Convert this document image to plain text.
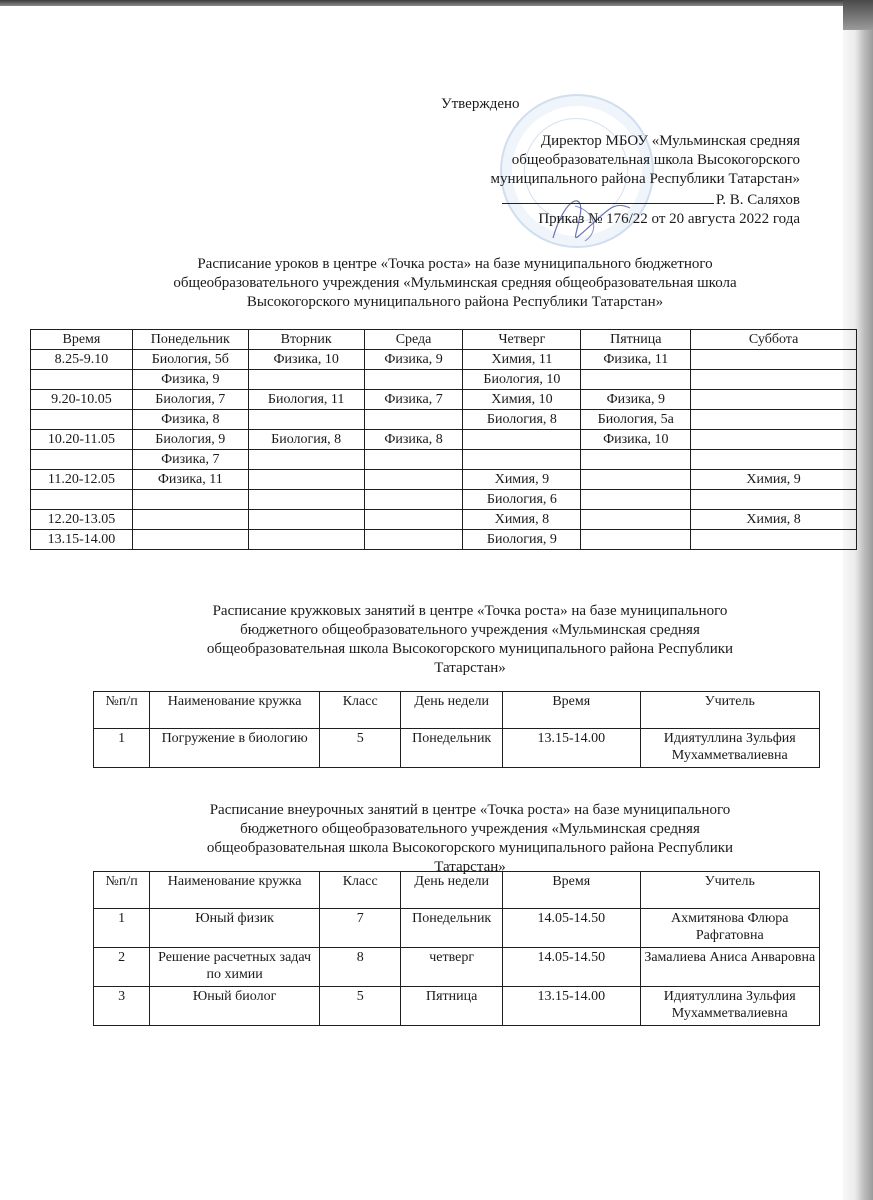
Утверждено
Директор МБОУ «Мульминская средняя
общеобразовательная школа Высокогорского
муниципального района Республики Татарстан»
Р. В. Саляхов
Приказ № 176/22 от 20 августа 2022 года
Расписание уроков в центре «Точка роста» на базе муниципального бюджетного
общеобразовательного учреждения «Мульминская средняя общеобразовательная школа
Высокогорского муниципального района Республики Татарстан»
Время	Понедельник	Вторник	Среда	Четверг	Пятница	Суббота
8.25-9.10	Биология, 5б	Физика, 10	Физика, 9	Химия, 11	Физика, 11	
	Физика, 9			Биология, 10		
9.20-10.05	Биология, 7	Биология, 11	Физика, 7	Химия, 10	Физика, 9	
	Физика, 8			Биология, 8	Биология, 5а	
10.20-11.05	Биология, 9	Биология, 8	Физика, 8		Физика, 10	
	Физика, 7					
11.20-12.05	Физика, 11			Химия, 9		Химия, 9
				Биология, 6		
12.20-13.05				Химия, 8		Химия, 8
13.15-14.00				Биология, 9		
Расписание кружковых занятий в центре «Точка роста» на базе муниципального
бюджетного общеобразовательного учреждения «Мульминская средняя
общеобразовательная школа Высокогорского муниципального района Республики
Татарстан»
№п/п	Наименование кружка	Класс	День недели	Время	Учитель
1	Погружение в биологию	5	Понедельник	13.15-14.00	Идиятуллина Зульфия Мухамметвалиевна
Расписание внеурочных занятий в центре «Точка роста» на базе муниципального
бюджетного общеобразовательного учреждения «Мульминская средняя
общеобразовательная школа Высокогорского муниципального района Республики
Татарстан»
№п/п	Наименование кружка	Класс	День недели	Время	Учитель
1	Юный физик	7	Понедельник	14.05-14.50	Ахмитянова Флюра Рафгатовна
2	Решение расчетных задач по химии	8	четверг	14.05-14.50	Замалиева Аниса Анваровна
3	Юный биолог	5	Пятница	13.15-14.00	Идиятуллина Зульфия Мухамметвалиевна
